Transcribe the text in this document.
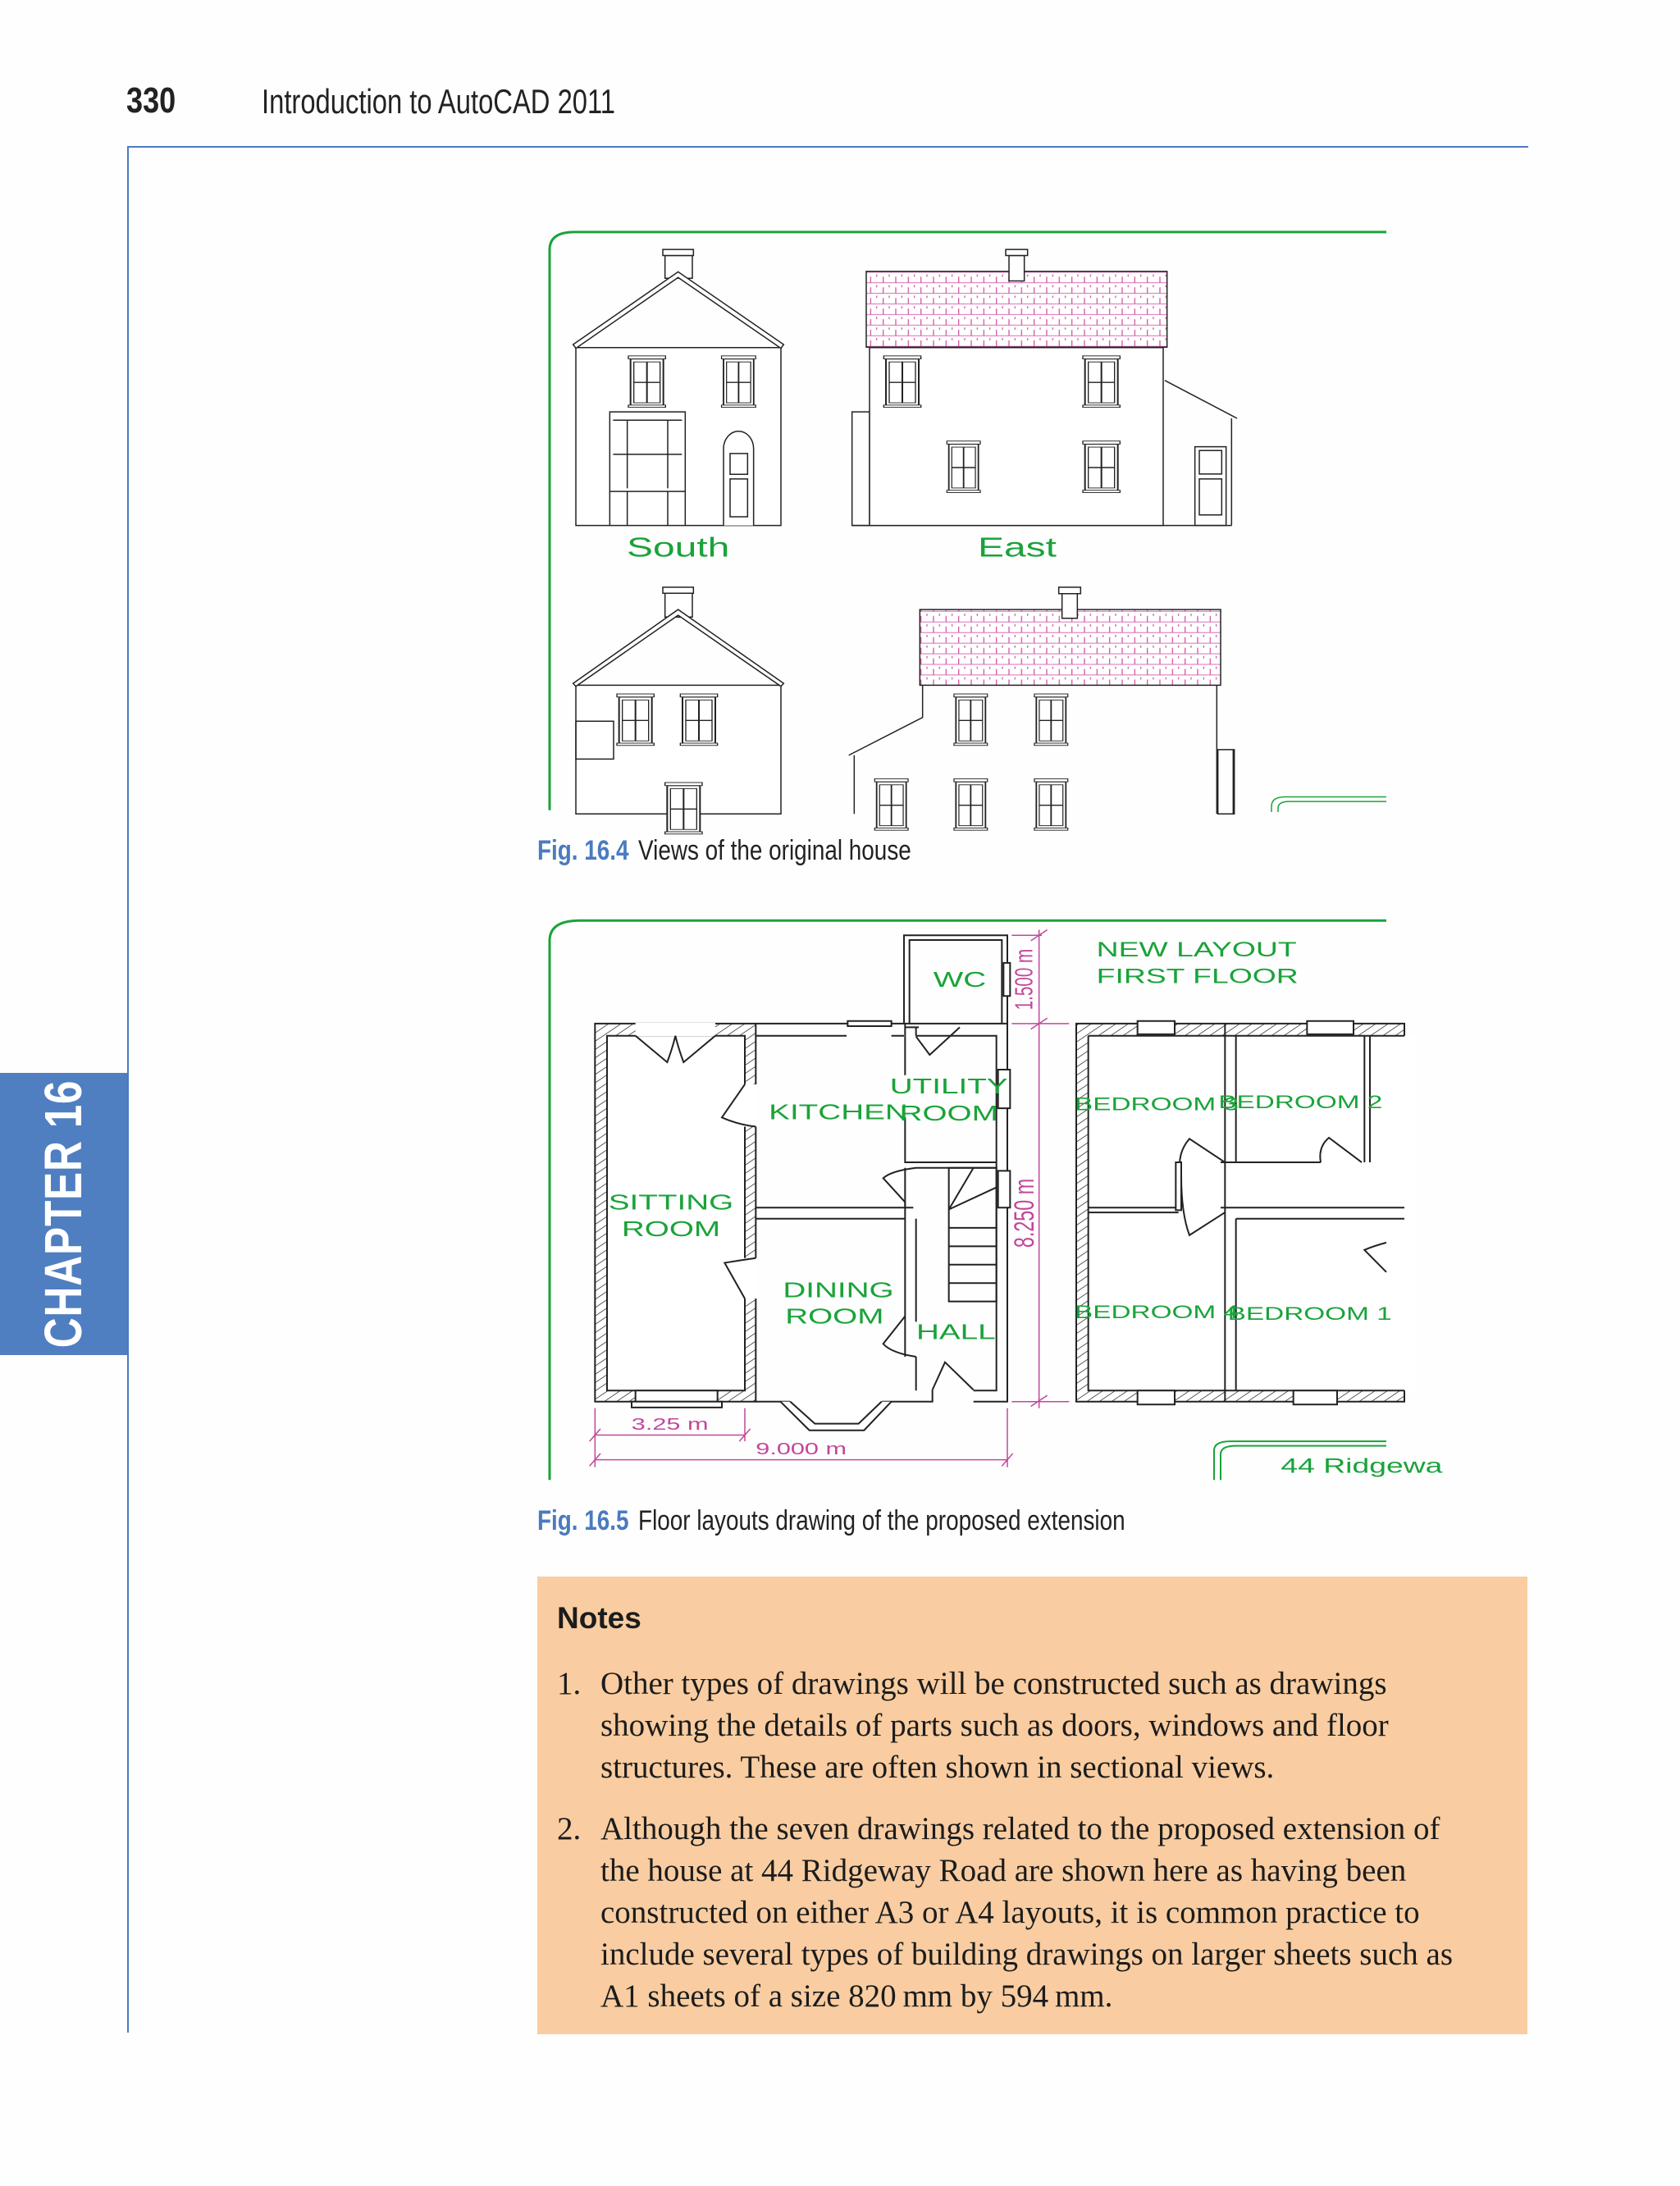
330 Introduction to AutoCAD 2011
CHAPTER 16
South	East
Fig. 16.4 Views of the original house
WC
KITCHEN
UTILITY
ROOM
SITTING
ROOM
DINING
ROOM
HALL
BEDROOM 3
BEDROOM 2
BEDROOM 4
BEDROOM 1
NEW LAYOUT
FIRST FLOOR
44 Ridgewa
1.500 m
8.250 m
3.25 m
9.000 m
Fig. 16.5 Floor layouts drawing of the proposed extension
Notes
1. Other types of drawings will be constructed such as drawings
showing the details of parts such as doors, windows and floor
structures. These are often shown in sectional views.
2. Although the seven drawings related to the proposed extension of
the house at 44 Ridgeway Road are shown here as having been
constructed on either A3 or A4 layouts, it is common practice to
include several types of building drawings on larger sheets such as
A1 sheets of a size 820 mm by 594 mm.
